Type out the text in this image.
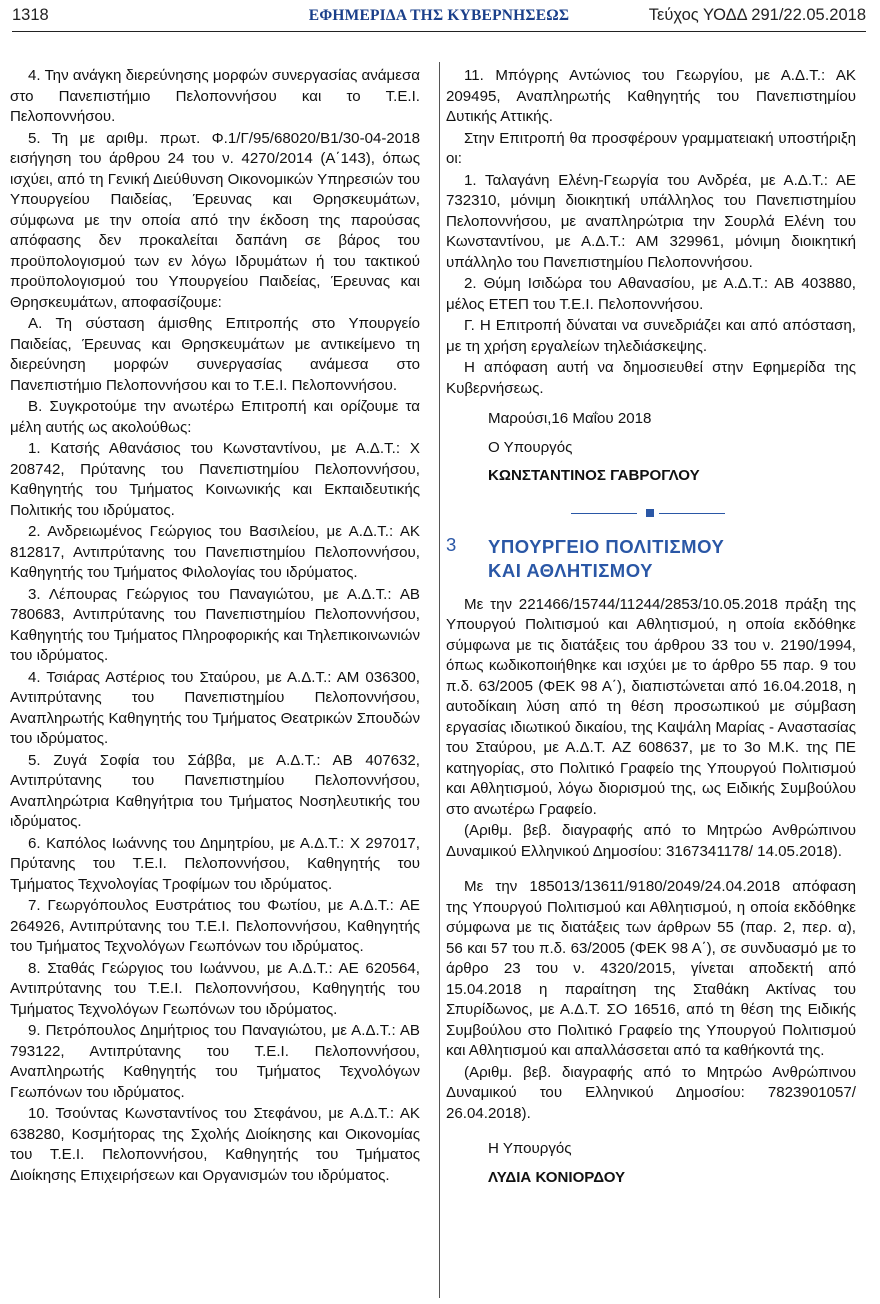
1318	ΕΦΗΜΕΡΙΔΑ ΤΗΣ ΚΥΒΕΡΝΗΣΕΩΣ	Τεύχος ΥΟΔΔ 291/22.05.2018

4. Την ανάγκη διερεύνησης μορφών συνεργασίας ανάμεσα στο Πανεπιστήμιο Πελοποννήσου και το Τ.Ε.Ι. Πελοποννήσου.

5. Τη με αριθμ. πρωτ. Φ.1/Γ/95/68020/Β1/30-04-2018 εισήγηση του άρθρου 24 του ν. 4270/2014 (Α΄143), όπως ισχύει, από τη Γενική Διεύθυνση Οικονομικών Υπηρεσιών του Υπουργείου Παιδείας, Έρευνας και Θρησκευμάτων, σύμφωνα με την οποία από την έκδοση της παρούσας απόφασης δεν προκαλείται δαπάνη σε βάρος του προϋπολογισμού των εν λόγω Ιδρυμάτων ή του τακτικού προϋπολογισμού του Υπουργείου Παιδείας, Έρευνας και Θρησκευμάτων, αποφασίζουμε:

Α. Τη σύσταση άμισθης Επιτροπής στο Υπουργείο Παιδείας, Έρευνας και Θρησκευμάτων με αντικείμενο τη διερεύνηση μορφών συνεργασίας ανάμεσα στο Πανεπιστήμιο Πελοποννήσου και το Τ.Ε.Ι. Πελοποννήσου.

Β. Συγκροτούμε την ανωτέρω Επιτροπή και ορίζουμε τα μέλη αυτής ως ακολούθως:

1. Κατσής Αθανάσιος του Κωνσταντίνου, με Α.Δ.Τ.: Χ 208742, Πρύτανης του Πανεπιστημίου Πελοποννήσου, Καθηγητής του Τμήματος Κοινωνικής και Εκπαιδευτικής Πολιτικής του ιδρύματος.

2. Ανδρειωμένος Γεώργιος του Βασιλείου, με Α.Δ.Τ.: ΑΚ 812817, Αντιπρύτανης του Πανεπιστημίου Πελοποννήσου, Καθηγητής του Τμήματος Φιλολογίας του ιδρύματος.

3. Λέπουρας Γεώργιος του Παναγιώτου, με Α.Δ.Τ.: ΑΒ 780683, Αντιπρύτανης του Πανεπιστημίου Πελοποννήσου, Καθηγητής του Τμήματος Πληροφορικής και Τηλεπικοινωνιών του ιδρύματος.

4. Τσιάρας Αστέριος του Σταύρου, με Α.Δ.Τ.: ΑΜ 036300, Αντιπρύτανης του Πανεπιστημίου Πελοποννήσου, Αναπληρωτής Καθηγητής του Τμήματος Θεατρικών Σπουδών του ιδρύματος.

5. Ζυγά Σοφία του Σάββα, με Α.Δ.Τ.: ΑΒ 407632, Αντιπρύτανης του Πανεπιστημίου Πελοποννήσου, Αναπληρώτρια Καθηγήτρια του Τμήματος Νοσηλευτικής του ιδρύματος.

6. Καπόλος Ιωάννης του Δημητρίου, με Α.Δ.Τ.: Χ 297017, Πρύτανης του Τ.Ε.Ι. Πελοποννήσου, Καθηγητής του Τμήματος Τεχνολογίας Τροφίμων του ιδρύματος.

7. Γεωργόπουλος Ευστράτιος του Φωτίου, με Α.Δ.Τ.: ΑΕ 264926, Αντιπρύτανης του Τ.Ε.Ι. Πελοποννήσου, Καθηγητής του Τμήματος Τεχνολόγων Γεωπόνων του ιδρύματος.

8. Σταθάς Γεώργιος του Ιωάννου, με Α.Δ.Τ.: ΑΕ 620564, Αντιπρύτανης του Τ.Ε.Ι. Πελοποννήσου, Καθηγητής του Τμήματος Τεχνολόγων Γεωπόνων του ιδρύματος.

9. Πετρόπουλος Δημήτριος του Παναγιώτου, με Α.Δ.Τ.: ΑΒ 793122, Αντιπρύτανης του Τ.Ε.Ι. Πελοποννήσου, Αναπληρωτής Καθηγητής του Τμήματος Τεχνολόγων Γεωπόνων του ιδρύματος.

10. Τσούντας Κωνσταντίνος του Στεφάνου, με Α.Δ.Τ.: ΑΚ 638280, Κοσμήτορας της Σχολής Διοίκησης και Οικονομίας του Τ.Ε.Ι. Πελοποννήσου, Καθηγητής του Τμήματος Διοίκησης Επιχειρήσεων και Οργανισμών του ιδρύματος.

11. Μπόγρης Αντώνιος του Γεωργίου, με Α.Δ.Τ.: ΑΚ 209495, Αναπληρωτής Καθηγητής του Πανεπιστημίου Δυτικής Αττικής.

Στην Επιτροπή θα προσφέρουν γραμματειακή υποστήριξη οι:

1. Ταλαγάνη Ελένη-Γεωργία του Ανδρέα, με Α.Δ.Τ.: ΑΕ 732310, μόνιμη διοικητική υπάλληλος του Πανεπιστημίου Πελοποννήσου, με αναπληρώτρια την Σουρλά Ελένη του Κωνσταντίνου, με Α.Δ.Τ.: ΑΜ 329961, μόνιμη διοικητική υπάλληλο του Πανεπιστημίου Πελοποννήσου.

2. Θύμη Ισιδώρα του Αθανασίου, με Α.Δ.Τ.: ΑΒ 403880, μέλος ΕΤΕΠ του Τ.Ε.Ι. Πελοποννήσου.

Γ. Η Επιτροπή δύναται να συνεδριάζει και από απόσταση, με τη χρήση εργαλείων τηλεδιάσκεψης.

Η απόφαση αυτή να δημοσιευθεί στην Εφημερίδα της Κυβερνήσεως.

Μαρούσι,16 Μαΐου 2018

Ο Υπουργός

ΚΩΝΣΤΑΝΤΙΝΟΣ ΓΑΒΡΟΓΛΟΥ

3 ΥΠΟΥΡΓΕΙΟ ΠΟΛΙΤΙΣΜΟΥ
ΚΑΙ ΑΘΛΗΤΙΣΜΟΥ

Με την 221466/15744/11244/2853/10.05.2018 πράξη της Υπουργού Πολιτισμού και Αθλητισμού, η οποία εκδόθηκε σύμφωνα με τις διατάξεις του άρθρου 33 του ν. 2190/1994, όπως κωδικοποιήθηκε και ισχύει με το άρθρο 55 παρ. 9 του π.δ. 63/2005 (ΦΕΚ 98 Α΄), διαπιστώνεται από 16.04.2018, η αυτοδίκαιη λύση από τη θέση προσωπικού με σύμβαση εργασίας ιδιωτικού δικαίου, της Καψάλη Μαρίας - Αναστασίας του Σταύρου, με Α.Δ.Τ. ΑΖ 608637, με το 3ο Μ.Κ. της ΠΕ κατηγορίας, στο Πολιτικό Γραφείο της Υπουργού Πολιτισμού και Αθλητισμού, λόγω διορισμού της, ως Ειδικής Συμβούλου στο ανωτέρω Γραφείο.

(Αριθμ. βεβ. διαγραφής από το Μητρώο Ανθρώπινου Δυναμικού Ελληνικού Δημοσίου: 3167341178/ 14.05.2018).

Με την 185013/13611/9180/2049/24.04.2018 απόφαση της Υπουργού Πολιτισμού και Αθλητισμού, η οποία εκδόθηκε σύμφωνα με τις διατάξεις των άρθρων 55 (παρ. 2, περ. α), 56 και 57 του π.δ. 63/2005 (ΦΕΚ 98 Α΄), σε συνδυασμό με το άρθρο 23 του ν. 4320/2015, γίνεται αποδεκτή από 15.04.2018 η παραίτηση της Σταθάκη Ακτίνας του Σπυρίδωνος, με Α.Δ.Τ. ΣΟ 16516, από τη θέση της Ειδικής Συμβούλου στο Πολιτικό Γραφείο της Υπουργού Πολιτισμού και Αθλητισμού και απαλλάσσεται από τα καθήκοντά της.

(Αριθμ. βεβ. διαγραφής από το Μητρώο Ανθρώπινου Δυναμικού του Ελληνικού Δημοσίου: 7823901057/ 26.04.2018).

Η Υπουργός

ΛΥΔΙΑ ΚΟΝΙΟΡΔΟΥ
